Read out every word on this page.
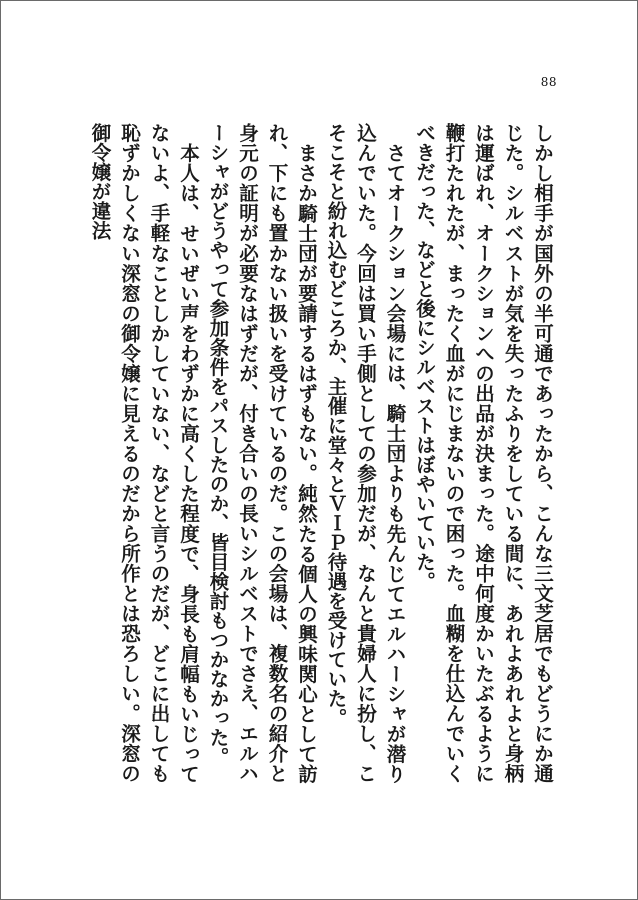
88

しかし相手が国外の半可通であったから、こんな三文芝居でもどうにか通じた。シルベストが気を失ったふりをしている間に、あれよあれよと身柄は運ばれ、オークションへの出品が決まった。途中何度かいたぶるように鞭打たれたが、まったく血がにじまないので困った。血糊を仕込んでいくべきだった、などと後にシルベストはぼやいていた。

さてオークション会場には、騎士団よりも先んじてエルハーシャが潜り込んでいた。今回は買い手側としての参加だが、なんと貴婦人に扮し、こそこそと紛れ込むどころか、主催に堂々とＶＩＰ待遇を受けていた。

まさか騎士団が要請するはずもない。純然たる個人の興味関心として訪れ、下にも置かない扱いを受けているのだ。この会場は、複数名の紹介と身元の証明が必要なはずだが、付き合いの長いシルベストでさえ、エルハーシャがどうやって参加条件をパスしたのか、皆目検討もつかなかった。

本人は、せいぜい声をわずかに高くした程度で、身長も肩幅もいじってないよ、手軽なことしかしていない、などと言うのだが、どこに出しても恥ずかしくない深窓の御令嬢に見えるのだから所作とは恐ろしい。深窓の御令嬢が違法
